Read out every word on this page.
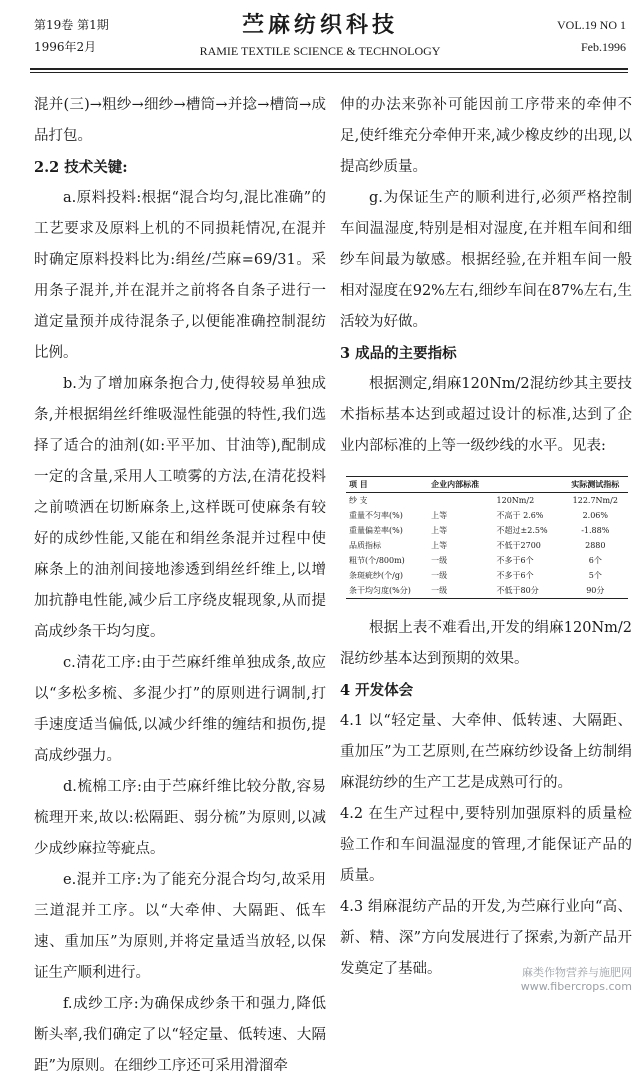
第19卷 第1期
1996年2月
苎麻纺织科技
RAMIE TEXTILE SCIENCE & TECHNOLOGY
VOL.19 NO 1
Feb.1996

混并(三)→粗纱→细纱→槽筒→并捻→槽筒→成品打包。

2.2 技术关键:

a.原料投料:根据“混合均匀,混比准确”的工艺要求及原料上机的不同损耗情况,在混并时确定原料投料比为:绢丝/苎麻=69/31。采用条子混并,并在混并之前将各自条子进行一道定量预并成待混条子,以便能准确控制混纺比例。

b.为了增加麻条抱合力,使得较易单独成条,并根据绢丝纤维吸湿性能强的特性,我们选择了适合的油剂(如:平平加、甘油等),配制成一定的含量,采用人工喷雾的方法,在清花投料之前喷洒在切断麻条上,这样既可使麻条有较好的成纱性能,又能在和绢丝条混并过程中使麻条上的油剂间接地渗透到绢丝纤维上,以增加抗静电性能,减少后工序绕皮辊现象,从而提高成纱条干均匀度。

c.清花工序:由于苎麻纤维单独成条,故应以“多松多梳、多混少打”的原则进行调制,打手速度适当偏低,以减少纤维的缠结和损伤,提高成纱强力。

d.梳棉工序:由于苎麻纤维比较分散,容易梳理开来,故以:松隔距、弱分梳”为原则,以减少成纱麻拉等疵点。

e.混并工序:为了能充分混合均匀,故采用三道混并工序。以“大牵伸、大隔距、低车速、重加压”为原则,并将定量适当放轻,以保证生产顺利进行。

f.成纱工序:为确保成纱条干和强力,降低断头率,我们确定了以“轻定量、低转速、大隔距”为原则。在细纱工序还可采用滑溜牵

伸的办法来弥补可能因前工序带来的牵伸不足,使纤维充分牵伸开来,减少橡皮纱的出现,以提高纱质量。

g.为保证生产的顺利进行,必须严格控制车间温湿度,特别是相对湿度,在并粗车间和细纱车间最为敏感。根据经验,在并粗车间一般相对湿度在92%左右,细纱车间在87%左右,生活较为好做。

3 成品的主要指标

根据测定,绢麻120Nm/2混纺纱其主要技术指标基本达到或超过设计的标准,达到了企业内部标准的上等一级纱线的水平。见表:

项 目	企业内部标准		实际测试指标
纱 支		120Nm/2	122.7Nm/2
重量不匀率(%)	上等	不高于 2.6%	2.06%
重量偏差率(%)	上等	不超过±2.5%	-1.88%
品质指标	上等	不低于2700	2880
粗节(个/800m)	一级	不多于6个	6个
条斑疵纱(个/g)	一级	不多于6个	5个
条干均匀度(%分)	一级	不低于80分	90分

根据上表不难看出,开发的绢麻120Nm/2混纺纱基本达到预期的效果。

4 开发体会

4.1 以“轻定量、大牵伸、低转速、大隔距、重加压”为工艺原则,在苎麻纺纱设备上纺制绢麻混纺纱的生产工艺是成熟可行的。

4.2 在生产过程中,要特别加强原料的质量检验工作和车间温湿度的管理,才能保证产品的质量。

4.3 绢麻混纺产品的开发,为苎麻行业向“高、新、精、深”方向发展进行了探索,为新产品开发奠定了基础。	麻类作物营养与施肥网
www.fibercrops.com
